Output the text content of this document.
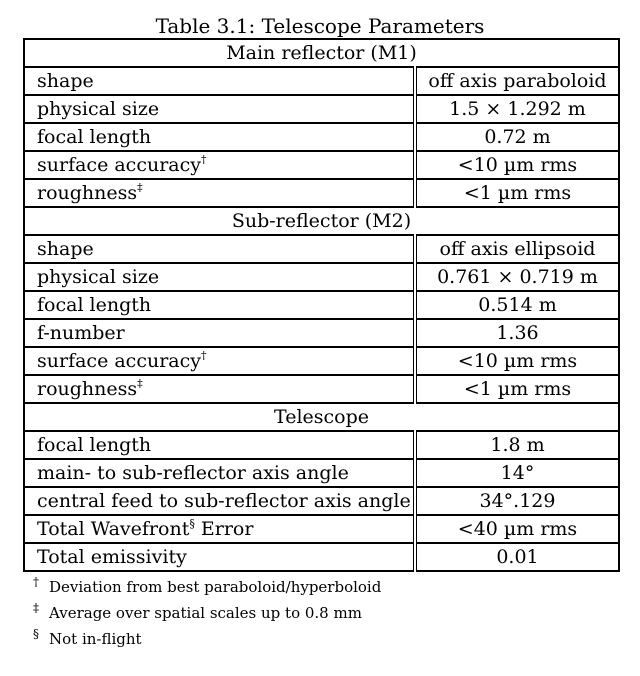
Table 3.1: Telescope Parameters
Main reflector (M1)	
shape	off axis paraboloid
physical size	1.5 × 1.292 m
focal length	0.72 m
surface accuracy†	<10 µm rms
roughness‡	<1 µm rms
Sub-reflector (M2)	
shape	off axis ellipsoid
physical size	0.761 × 0.719 m
focal length	0.514 m
f-number	1.36
surface accuracy†	<10 µm rms
roughness‡	<1 µm rms
Telescope	
focal length	1.8 m
main- to sub-reflector axis angle	14°
central feed to sub-reflector axis angle	34°.129
Total Wavefront§ Error	<40 µm rms
Total emissivity	0.01
† Deviation from best paraboloid/hyperboloid
‡ Average over spatial scales up to 0.8 mm
§ Not in-flight
